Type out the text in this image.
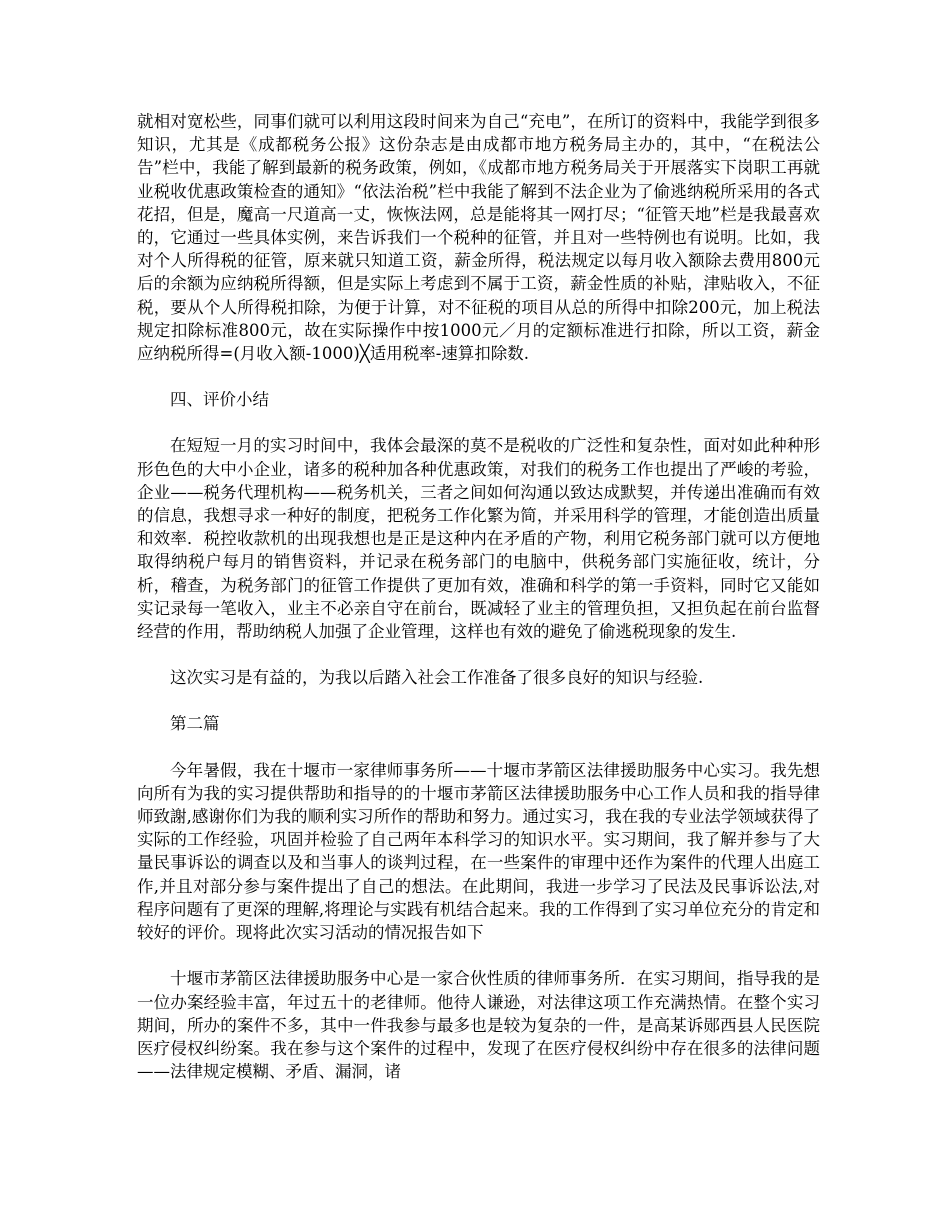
就相对宽松些，同事们就可以利用这段时间来为自己“充电”，在所订的资料中，我能学到很多知识，尤其是《成都税务公报》这份杂志是由成都市地方税务局主办的，其中，“在税法公告”栏中，我能了解到最新的税务政策，例如，《成都市地方税务局关于开展落实下岗职工再就业税收优惠政策检查的通知》“依法治税”栏中我能了解到不法企业为了偷逃纳税所采用的各式花招，但是，魔高一尺道高一丈，恢恢法网，总是能将其一网打尽；“征管天地”栏是我最喜欢的，它通过一些具体实例，来告诉我们一个税种的征管，并且对一些特例也有说明。比如，我对个人所得税的征管，原来就只知道工资，薪金所得，税法规定以每月收入额除去费用800元后的余额为应纳税所得额，但是实际上考虑到不属于工资，薪金性质的补贴，津贴收入，不征税，要从个人所得税扣除，为便于计算，对不征税的项目从总的所得中扣除200元，加上税法规定扣除标准800元，故在实际操作中按1000元／月的定额标准进行扣除，所以工资，薪金应纳税所得=(月收入额-1000)╳适用税率-速算扣除数.

四、评价小结

在短短一月的实习时间中，我体会最深的莫不是税收的广泛性和复杂性，面对如此种种形形色色的大中小企业，诸多的税种加各种优惠政策，对我们的税务工作也提出了严峻的考验，企业——税务代理机构——税务机关，三者之间如何沟通以致达成默契，并传递出准确而有效的信息，我想寻求一种好的制度，把税务工作化繁为简，并采用科学的管理，才能创造出质量和效率．税控收款机的出现我想也是正是这种内在矛盾的产物，利用它税务部门就可以方便地取得纳税户每月的销售资料，并记录在税务部门的电脑中，供税务部门实施征收，统计，分析，稽查，为税务部门的征管工作提供了更加有效，准确和科学的第一手资料，同时它又能如实记录每一笔收入，业主不必亲自守在前台，既减轻了业主的管理负担，又担负起在前台监督经营的作用，帮助纳税人加强了企业管理，这样也有效的避免了偷逃税现象的发生.

这次实习是有益的，为我以后踏入社会工作准备了很多良好的知识与经验.

第二篇

今年暑假，我在十堰市一家律师事务所——十堰市茅箭区法律援助服务中心实习。我先想向所有为我的实习提供帮助和指导的的十堰市茅箭区法律援助服务中心工作人员和我的指导律师致謝,感谢你们为我的顺利实习所作的帮助和努力。通过实习，我在我的专业法学领域获得了实际的工作经验，巩固并检验了自己两年本科学习的知识水平。实习期间，我了解并参与了大量民事诉讼的调查以及和当事人的谈判过程，在一些案件的审理中还作为案件的代理人出庭工作,并且对部分参与案件提出了自己的想法。在此期间，我进一步学习了民法及民事诉讼法,对程序问题有了更深的理解,将理论与实践有机结合起来。我的工作得到了实习单位充分的肯定和较好的评价。现将此次实习活动的情况报告如下

十堰市茅箭区法律援助服务中心是一家合伙性质的律师事务所．在实习期间，指导我的是一位办案经验丰富，年过五十的老律师。他待人谦逊，对法律这项工作充满热情。在整个实习期间，所办的案件不多，其中一件我参与最多也是较为复杂的一件，是高某诉郧西县人民医院医疗侵权纠纷案。我在参与这个案件的过程中，发现了在医疗侵权纠纷中存在很多的法律问题——法律规定模糊、矛盾、漏洞，诸
